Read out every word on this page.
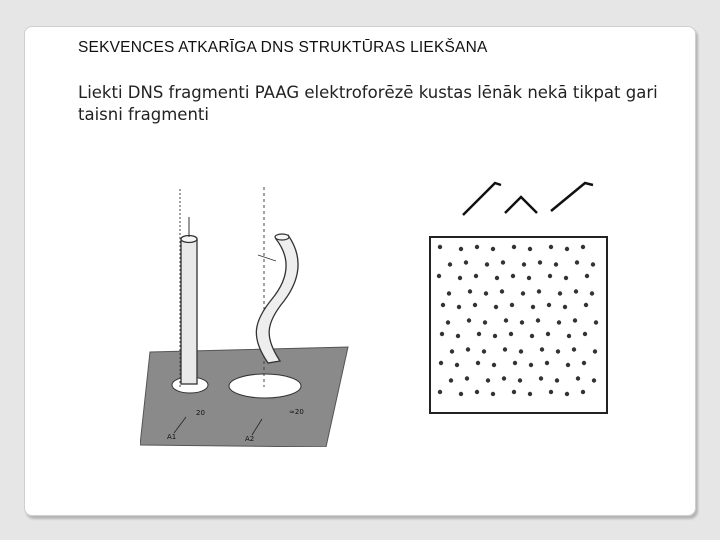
SEKVENCES ATKARĪGA DNS STRUKTŪRAS LIEKŠANA

Liekti DNS fragmenti PAAG elektroforēzē kustas lēnāk nekā tikpat gari taisni fragmenti

20	≈20
A1	A2
